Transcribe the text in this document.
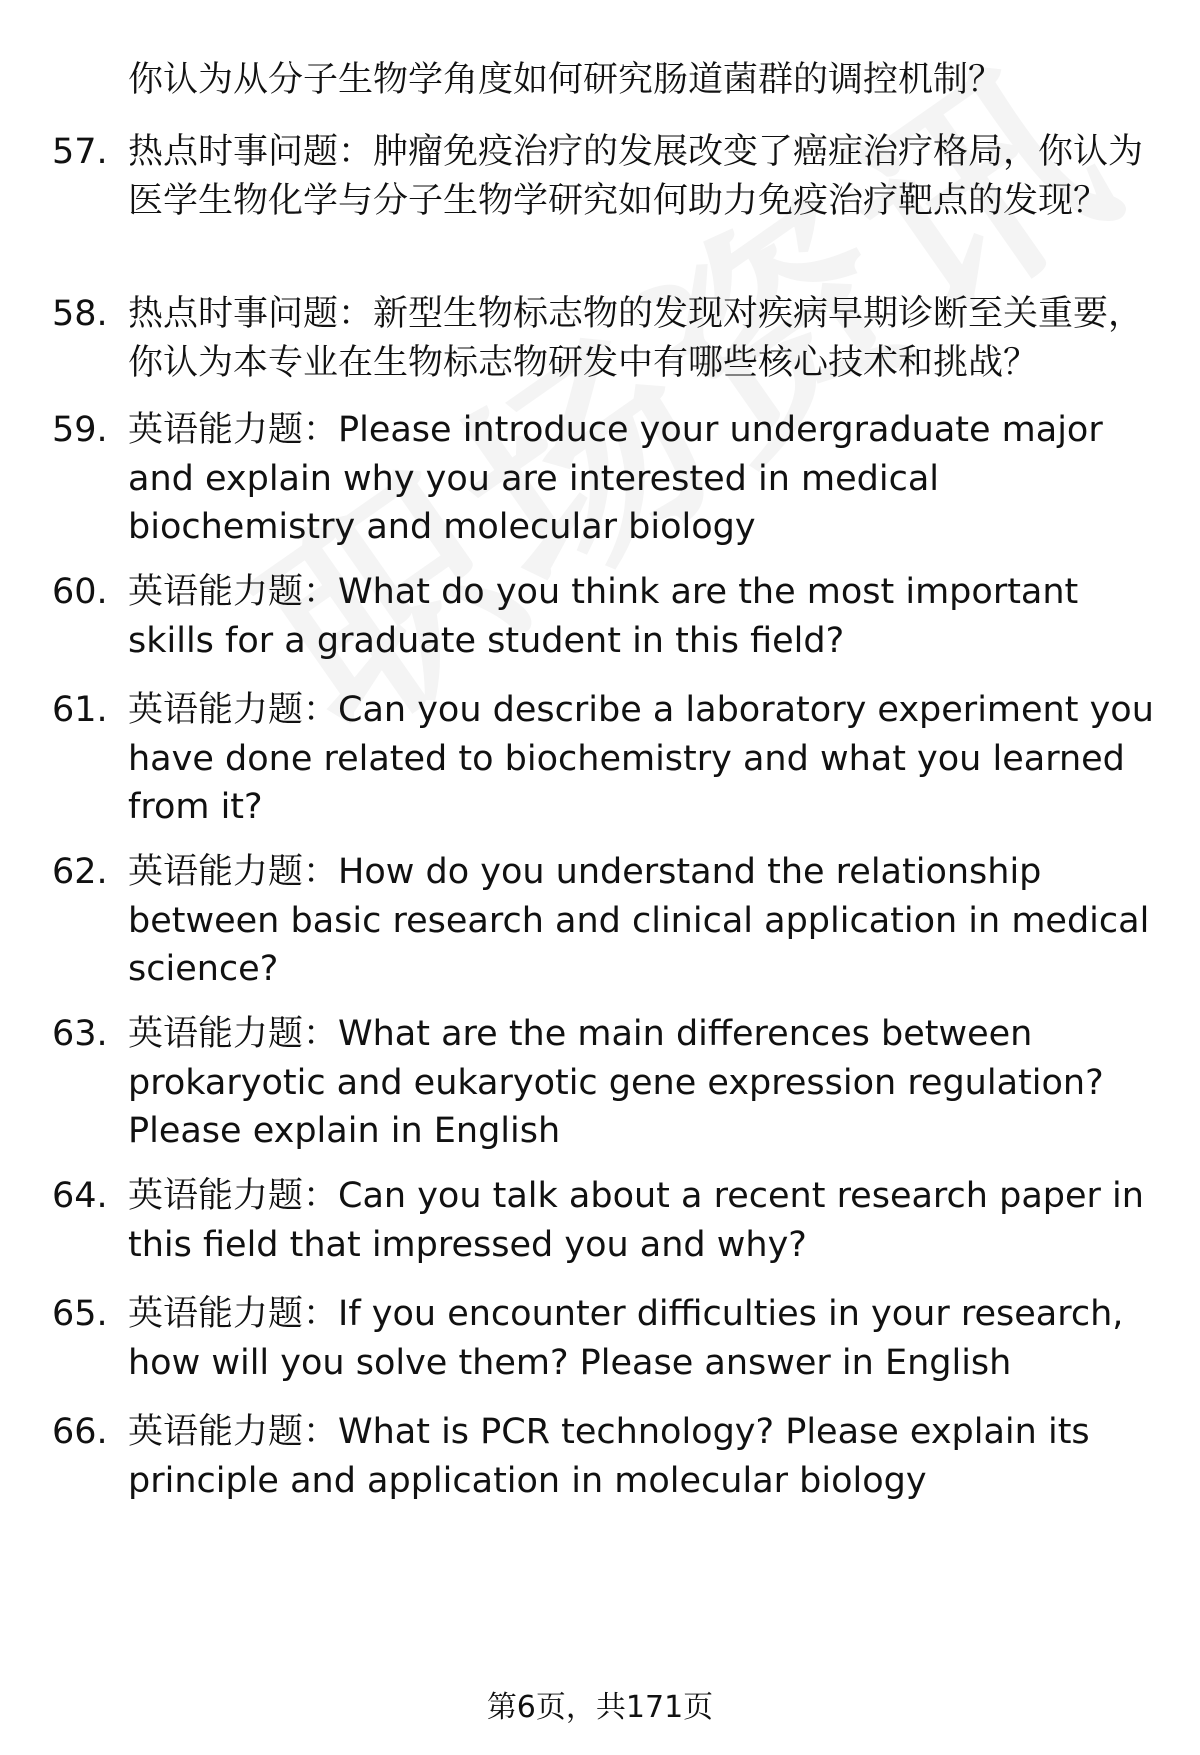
你认为从分子生物学角度如何研究肠道菌群的调控机制？
57. 热点时事问题：肿瘤免疫治疗的发展改变了癌症治疗格局，你认为医学生物化学与分子生物学研究如何助力免疫治疗靶点的发现？
58. 热点时事问题：新型生物标志物的发现对疾病早期诊断至关重要，你认为本专业在生物标志物研发中有哪些核心技术和挑战？
59. 英语能力题：Please introduce your undergraduate major and explain why you are interested in medical biochemistry and molecular biology
60. 英语能力题：What do you think are the most important skills for a graduate student in this field?
61. 英语能力题：Can you describe a laboratory experiment you have done related to biochemistry and what you learned from it?
62. 英语能力题：How do you understand the relationship between basic research and clinical application in medical science?
63. 英语能力题：What are the main differences between prokaryotic and eukaryotic gene expression regulation? Please explain in English
64. 英语能力题：Can you talk about a recent research paper in this field that impressed you and why?
65. 英语能力题：If you encounter difficulties in your research, how will you solve them? Please answer in English
66. 英语能力题：What is PCR technology? Please explain its principle and application in molecular biology
第6页，共171页
